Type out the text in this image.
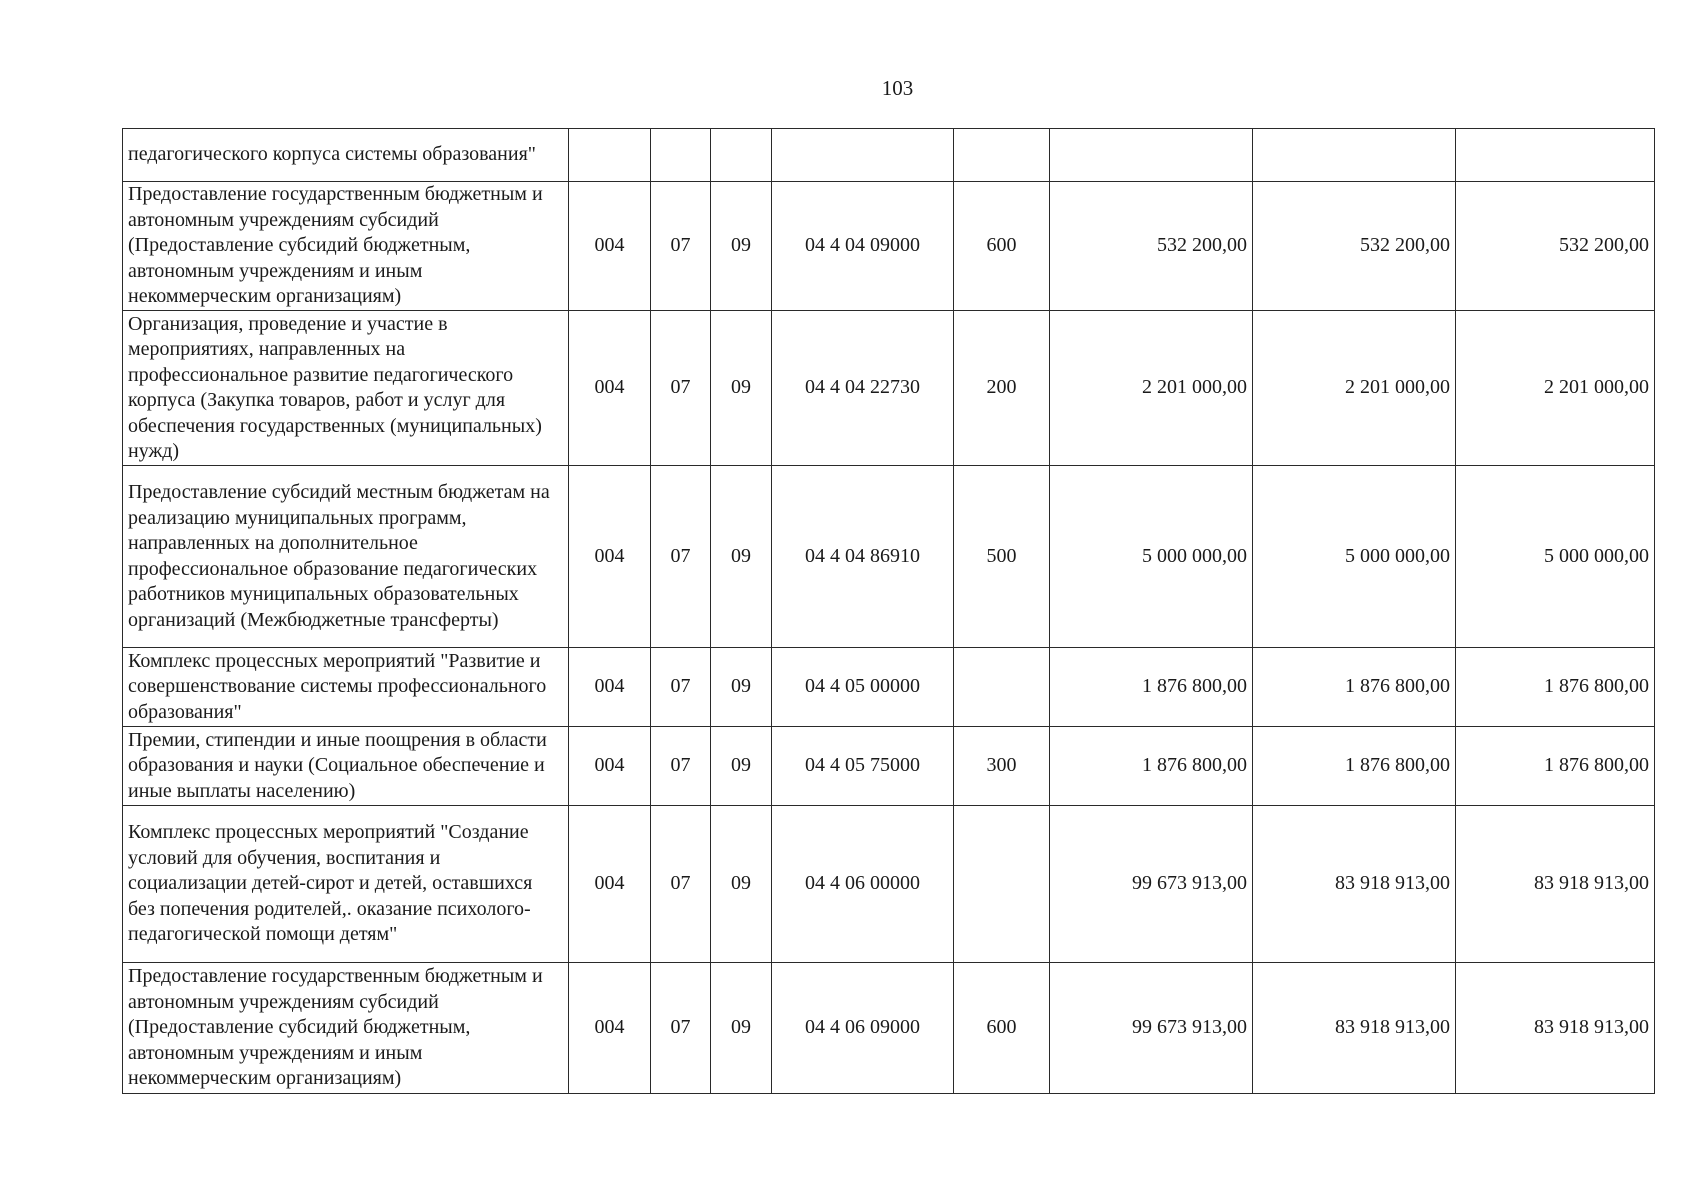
103
педагогического корпуса системы образования"								
Предоставление государственным бюджетным и автономным учреждениям субсидий (Предоставление субсидий бюджетным, автономным учреждениям и иным некоммерческим организациям)	004	07	09	04 4 04 09000	600	532 200,00	532 200,00	532 200,00
Организация, проведение и участие в мероприятиях, направленных на профессиональное развитие педагогического корпуса (Закупка товаров, работ и услуг для обеспечения государственных (муниципальных) нужд)	004	07	09	04 4 04 22730	200	2 201 000,00	2 201 000,00	2 201 000,00
Предоставление субсидий местным бюджетам на реализацию муниципальных программ, направленных на дополнительное профессиональное образование педагогических работников муниципальных образовательных организаций (Межбюджетные трансферты)	004	07	09	04 4 04 86910	500	5 000 000,00	5 000 000,00	5 000 000,00
Комплекс процессных мероприятий "Развитие и совершенствование системы профессионального образования"	004	07	09	04 4 05 00000		1 876 800,00	1 876 800,00	1 876 800,00
Премии, стипендии и иные поощрения в области образования и науки (Социальное обеспечение и иные выплаты населению)	004	07	09	04 4 05 75000	300	1 876 800,00	1 876 800,00	1 876 800,00
Комплекс процессных мероприятий "Создание условий для обучения, воспитания и социализации детей-сирот и детей, оставшихся без попечения родителей,. оказание психолого-педагогической помощи детям"	004	07	09	04 4 06 00000		99 673 913,00	83 918 913,00	83 918 913,00
Предоставление государственным бюджетным и автономным учреждениям субсидий (Предоставление субсидий бюджетным, автономным учреждениям и иным некоммерческим организациям)	004	07	09	04 4 06 09000	600	99 673 913,00	83 918 913,00	83 918 913,00
